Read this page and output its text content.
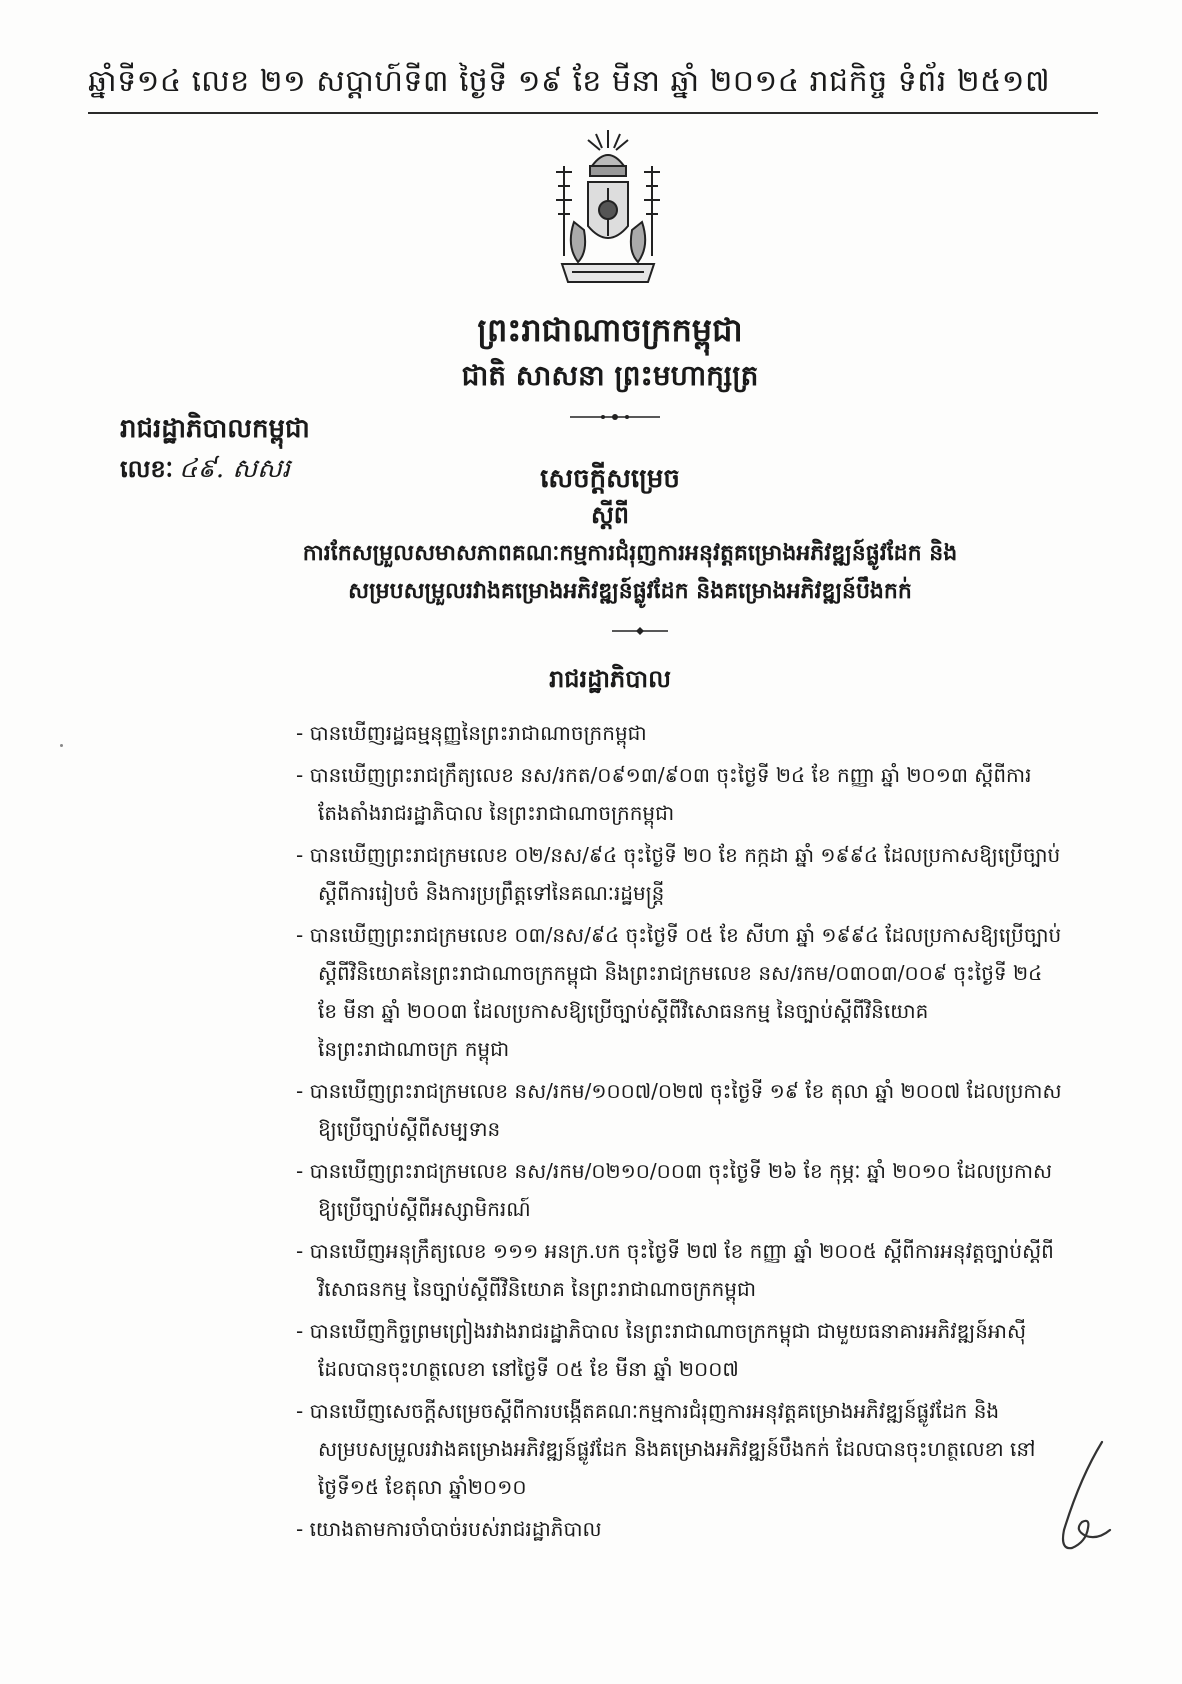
ឆ្នាំទី១៤ លេខ ២១ សប្តាហ៍ទី៣ ថ្ងៃទី ១៩ ខែ មីនា ឆ្នាំ ២០១៤ រាជកិច្ច ទំព័រ ២៥១៧
ព្រះរាជាណាចក្រកម្ពុជា
ជាតិ សាសនា ព្រះមហាក្សត្រ
រាជរដ្ឋាភិបាលកម្ពុជា
លេខៈ ៤៩. សសរ	សេចក្តីសម្រេច
ស្តីពី
ការកែសម្រួលសមាសភាពគណៈកម្មការជំរុញការអនុវត្តគម្រោងអភិវឌ្ឍន៍ផ្លូវដែក និង
សម្របសម្រួលរវាងគម្រោងអភិវឌ្ឍន៍ផ្លូវដែក និងគម្រោងអភិវឌ្ឍន៍បឹងកក់
រាជរដ្ឋាភិបាល
- បានឃើញរដ្ឋធម្មនុញ្ញនៃព្រះរាជាណាចក្រកម្ពុជា
- បានឃើញព្រះរាជក្រឹត្យលេខ នស/រកត/០៩១៣/៩០៣ ចុះថ្ងៃទី ២៤ ខែ កញ្ញា ឆ្នាំ ២០១៣ ស្តីពីការ
តែងតាំងរាជរដ្ឋាភិបាល នៃព្រះរាជាណាចក្រកម្ពុជា
- បានឃើញព្រះរាជក្រមលេខ ០២/នស/៩៤ ចុះថ្ងៃទី ២០ ខែ កក្កដា ឆ្នាំ ១៩៩៤ ដែលប្រកាសឱ្យប្រើច្បាប់
ស្តីពីការរៀបចំ និងការប្រព្រឹត្តទៅនៃគណៈរដ្ឋមន្ត្រី
- បានឃើញព្រះរាជក្រមលេខ ០៣/នស/៩៤ ចុះថ្ងៃទី ០៥ ខែ សីហា ឆ្នាំ ១៩៩៤ ដែលប្រកាសឱ្យប្រើច្បាប់
ស្តីពីវិនិយោគនៃព្រះរាជាណាចក្រកម្ពុជា និងព្រះរាជក្រមលេខ នស/រកម/០៣០៣/០០៩ ចុះថ្ងៃទី ២៤
ខែ មីនា ឆ្នាំ ២០០៣ ដែលប្រកាសឱ្យប្រើច្បាប់ស្តីពីវិសោធនកម្ម នៃច្បាប់ស្តីពីវិនិយោគ
នៃព្រះរាជាណាចក្រ កម្ពុជា
- បានឃើញព្រះរាជក្រមលេខ នស/រកម/១០០៧/០២៧ ចុះថ្ងៃទី ១៩ ខែ តុលា ឆ្នាំ ២០០៧ ដែលប្រកាស
ឱ្យប្រើច្បាប់ស្តីពីសម្បទាន
- បានឃើញព្រះរាជក្រមលេខ នស/រកម/០២១០/០០៣ ចុះថ្ងៃទី ២៦ ខែ កុម្ភៈ ឆ្នាំ ២០១០ ដែលប្រកាស
ឱ្យប្រើច្បាប់ស្តីពីអស្សាមិករណ៍
- បានឃើញអនុក្រឹត្យលេខ ១១១ អនក្រ.បក ចុះថ្ងៃទី ២៧ ខែ កញ្ញា ឆ្នាំ ២០០៥ ស្តីពីការអនុវត្តច្បាប់ស្តីពី
វិសោធនកម្ម នៃច្បាប់ស្តីពីវិនិយោគ នៃព្រះរាជាណាចក្រកម្ពុជា
- បានឃើញកិច្ចព្រមព្រៀងរវាងរាជរដ្ឋាភិបាល នៃព្រះរាជាណាចក្រកម្ពុជា ជាមួយធនាគារអភិវឌ្ឍន៍អាស៊ី
ដែលបានចុះហត្ថលេខា នៅថ្ងៃទី ០៥ ខែ មីនា ឆ្នាំ ២០០៧
- បានឃើញសេចក្តីសម្រេចស្តីពីការបង្កើតគណៈកម្មការជំរុញការអនុវត្តគម្រោងអភិវឌ្ឍន៍ផ្លូវដែក និង
សម្របសម្រួលរវាងគម្រោងអភិវឌ្ឍន៍ផ្លូវដែក និងគម្រោងអភិវឌ្ឍន៍បឹងកក់ ដែលបានចុះហត្ថលេខា នៅ
ថ្ងៃទី១៥ ខែតុលា ឆ្នាំ២០១០
- យោងតាមការចាំបាច់របស់រាជរដ្ឋាភិបាល
